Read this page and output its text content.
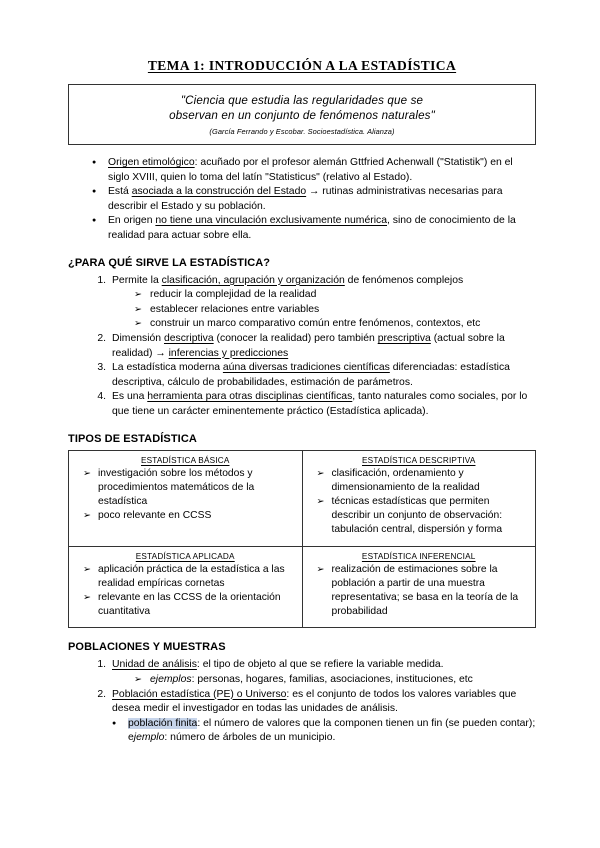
TEMA 1: INTRODUCCIÓN A LA ESTADÍSTICA
"Ciencia que estudia las regularidades que se
observan en un conjunto de fenómenos naturales"
(García Ferrando y Escobar. Socioestadística. Alianza)
● Origen etimológico: acuñado por el profesor alemán Gttfried Achenwall ("Statistik") en el siglo XVIII, quien lo toma del latín "Statisticus" (relativo al Estado).
● Está asociada a la construcción del Estado → rutinas administrativas necesarias para describir el Estado y su población.
● En origen no tiene una vinculación exclusivamente numérica, sino de conocimiento de la realidad para actuar sobre ella.
¿PARA QUÉ SIRVE LA ESTADÍSTICA?
Permite la clasificación, agrupación y organización de fenómenos complejos
➢ reducir la complejidad de la realidad
➢ establecer relaciones entre variables
➢ construir un marco comparativo común entre fenómenos, contextos, etc
Dimensión descriptiva (conocer la realidad) pero también prescriptiva (actual sobre la realidad) → inferencias y predicciones
La estadística moderna aúna diversas tradiciones científicas diferenciadas: estadística descriptiva, cálculo de probabilidades, estimación de parámetros.
Es una herramienta para otras disciplinas científicas, tanto naturales como sociales, por lo que tiene un carácter eminentemente práctico (Estadística aplicada).
TIPOS DE ESTADÍSTICA
ESTADÍSTICA BÁSICA
➢ investigación sobre los métodos y procedimientos matemáticos de la estadística
➢ poco relevante en CCSS

ESTADÍSTICA DESCRIPTIVA
➢ clasificación, ordenamiento y dimensionamiento de la realidad
➢ técnicas estadísticas que permiten describir un conjunto de observación: tabulación central, dispersión y forma

ESTADÍSTICA APLICADA
➢ aplicación práctica de la estadística a las realidad empíricas cornetas
➢ relevante en las CCSS de la orientación cuantitativa

ESTADÍSTICA INFERENCIAL
➢ realización de estimaciones sobre la población a partir de una muestra representativa; se basa en la teoría de la probabilidad
POBLACIONES Y MUESTRAS
Unidad de análisis: el tipo de objeto al que se refiere la variable medida.
➢ ejemplos: personas, hogares, familias, asociaciones, instituciones, etc
Población estadística (PE) o Universo: es el conjunto de todos los valores variables que desea medir el investigador en todas las unidades de análisis.
● población finita: el número de valores que la componen tienen un fin (se pueden contar); ejemplo: número de árboles de un municipio.
